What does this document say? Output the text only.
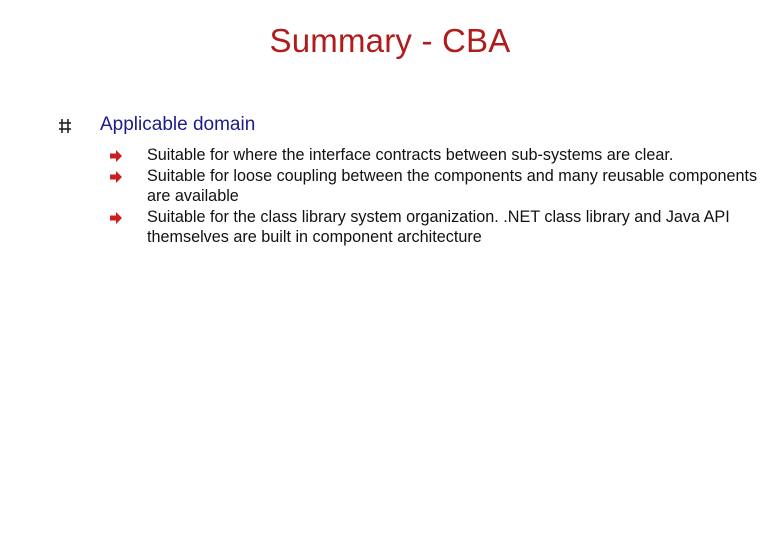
Summary - CBA
Applicable domain
Suitable for where the interface contracts between sub-systems are clear.
Suitable for loose coupling between the components and many reusable components are available
Suitable for the class library system organization. .NET class library and Java API themselves are built in component architecture
